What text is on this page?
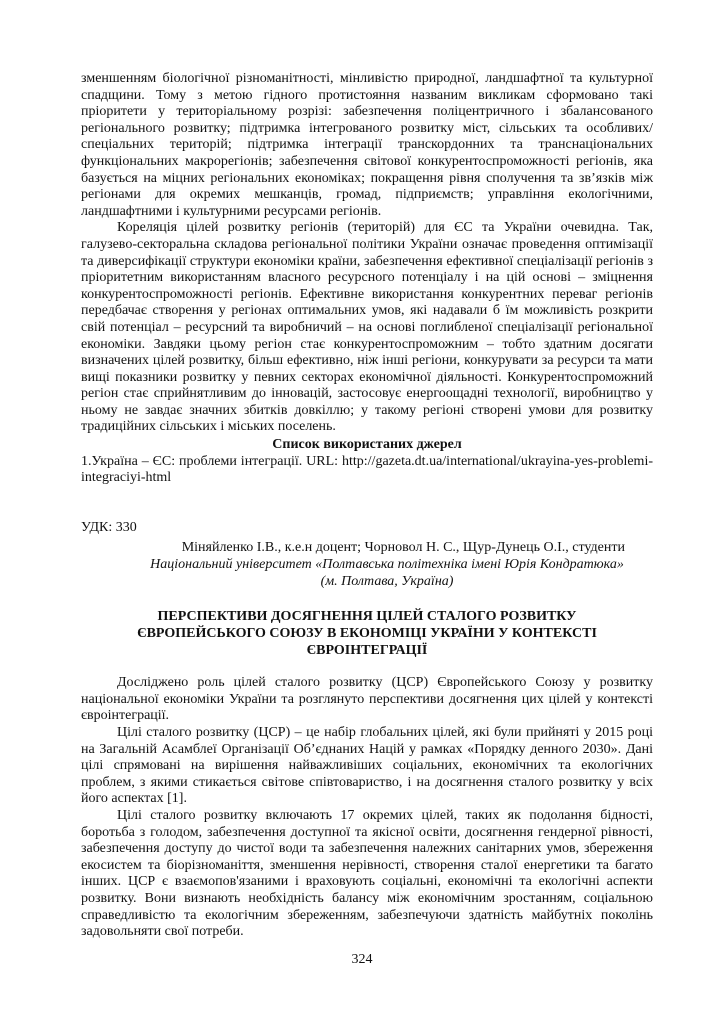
зменшенням біологічної різноманітності, мінливістю природної, ландшафтної та культурної спадщини. Тому з метою гідного протистояння названим викликам сформовано такі пріоритети у територіальному розрізі: забезпечення поліцентричного і збалансованого регіонального розвитку; підтримка інтегрованого розвитку міст, сільських та особливих/спеціальних територій; підтримка інтеграції транскордонних та транснаціональних функціональних макрорегіонів; забезпечення світової конкурентоспроможності регіонів, яка базується на міцних регіональних економіках; покращення рівня сполучення та зв’язків між регіонами для окремих мешканців, громад, підприємств; управління екологічними, ландшафтними і культурними ресурсами регіонів.

Кореляція цілей розвитку регіонів (територій) для ЄС та України очевидна. Так, галузево-секторальна складова регіональної політики України означає проведення оптимізації та диверсифікації структури економіки країни, забезпечення ефективної спеціалізації регіонів з пріоритетним використанням власного ресурсного потенціалу і на цій основі – зміцнення конкурентоспроможності регіонів. Ефективне використання конкурентних переваг регіонів передбачає створення у регіонах оптимальних умов, які надавали б їм можливість розкрити свій потенціал – ресурсний та виробничий – на основі поглибленої спеціалізації регіональної економіки. Завдяки цьому регіон стає конкурентоспроможним – тобто здатним досягати визначених цілей розвитку, більш ефективно, ніж інші регіони, конкурувати за ресурси та мати вищі показники розвитку у певних секторах економічної діяльності. Конкурентоспроможний регіон стає сприйнятливим до інновацій, застосовує енергоощадні технології, виробництво у ньому не завдає значних збитків довкіллю; у такому регіоні створені умови для розвитку традиційних сільських і міських поселень.

Список використаних джерел

1.Україна – ЄС: проблеми інтеграції. URL: http://gazeta.dt.ua/international/ukrayina-yes-problemi-integraciyi-html

УДК: 330

Міняйленко І.В., к.е.н доцент; Чорновол Н. С., Щур-Дунець О.І., студенти

Національний університет «Полтавська політехніка імені Юрія Кондратюка»

(м. Полтава, Україна)

ПЕРСПЕКТИВИ ДОСЯГНЕННЯ ЦІЛЕЙ СТАЛОГО РОЗВИТКУ ЄВРОПЕЙСЬКОГО СОЮЗУ В ЕКОНОМІЦІ УКРАЇНИ У КОНТЕКСТІ ЄВРОІНТЕГРАЦІЇ

Досліджено роль цілей сталого розвитку (ЦСР) Європейського Союзу у розвитку національної економіки України та розглянуто перспективи досягнення цих цілей у контексті євроінтеграції.

Цілі сталого розвитку (ЦСР) – це набір глобальних цілей, які були прийняті у 2015 році на Загальній Асамблеї Організації Об’єднаних Націй у рамках «Порядку денного 2030». Дані цілі спрямовані на вирішення найважливіших соціальних, економічних та екологічних проблем, з якими стикається світове співтовариство, і на досягнення сталого розвитку у всіх його аспектах [1].

Цілі сталого розвитку включають 17 окремих цілей, таких як подолання бідності, боротьба з голодом, забезпечення доступної та якісної освіти, досягнення гендерної рівності, забезпечення доступу до чистої води та забезпечення належних санітарних умов, збереження екосистем та біорізноманіття, зменшення нерівності, створення сталої енергетики та багато інших. ЦСР є взаємопов'язаними і враховують соціальні, економічні та екологічні аспекти розвитку. Вони визнають необхідність балансу між економічним зростанням, соціальною справедливістю та екологічним збереженням, забезпечуючи здатність майбутніх поколінь задовольняти свої потреби.

324
